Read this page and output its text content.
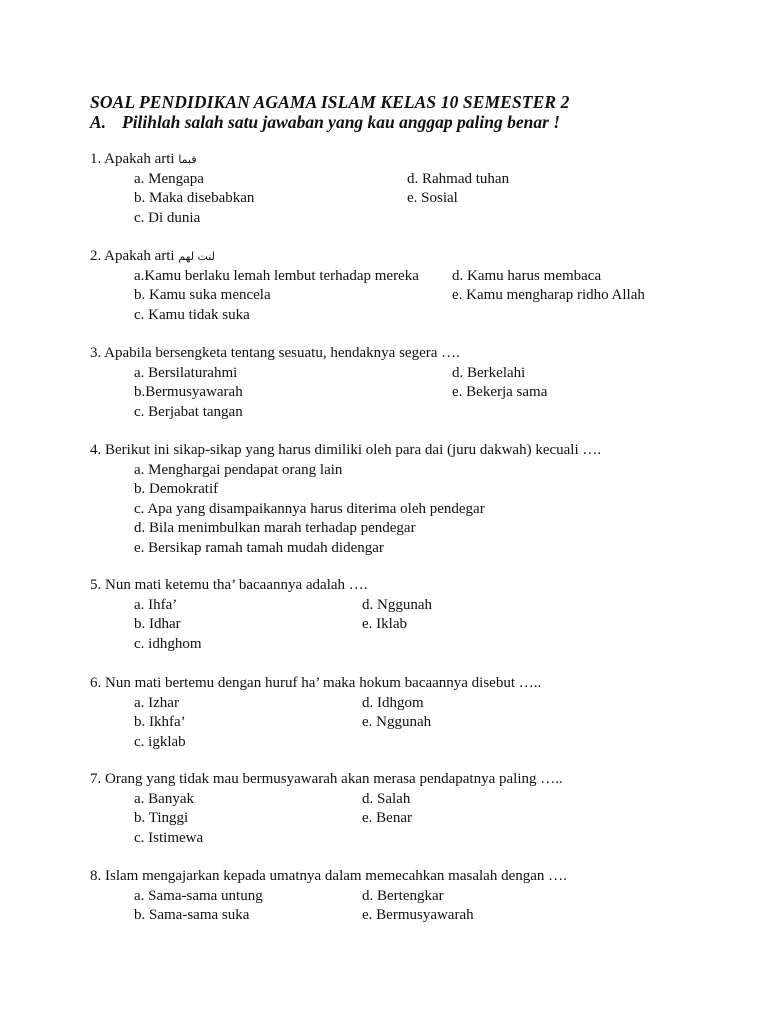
SOAL PENDIDIKAN AGAMA ISLAM KELAS 10 SEMESTER 2
A. Pilihlah salah satu jawaban yang kau anggap paling benar !
1. Apakah arti فبما
a. Mengapa	d. Rahmad tuhan
b. Maka disebabkan	e. Sosial
c. Di dunia
2. Apakah arti لنت لهم
a.Kamu berlaku lemah lembut terhadap mereka d. Kamu harus membaca
b. Kamu suka mencela	e. Kamu mengharap ridho Allah
c. Kamu tidak suka
3. Apabila bersengketa tentang sesuatu, hendaknya segera ….
a. Bersilaturahmi	d. Berkelahi
b.Bermusyawarah	e. Bekerja sama
c. Berjabat tangan
4. Berikut ini sikap-sikap yang harus dimiliki oleh para dai (juru dakwah) kecuali ….
a. Menghargai pendapat orang lain
b. Demokratif
c. Apa yang disampaikannya harus diterima oleh pendegar
d. Bila menimbulkan marah terhadap pendegar
e. Bersikap ramah tamah mudah didengar
5. Nun mati ketemu tha’ bacaannya adalah ….
a. Ihfa’	d. Nggunah
b. Idhar	e. Iklab
c. idhghom
6. Nun mati bertemu dengan huruf ha’ maka hokum bacaannya disebut …..
a. Izhar	d. Idhgom
b. Ikhfa’	e. Nggunah
c. igklab
7. Orang yang tidak mau bermusyawarah akan merasa pendapatnya paling …..
a. Banyak	d. Salah
b. Tinggi	e. Benar
c. Istimewa
8. Islam mengajarkan kepada umatnya dalam memecahkan masalah dengan ….
a. Sama-sama untung	d. Bertengkar
b. Sama-sama suka	e. Bermusyawarah
